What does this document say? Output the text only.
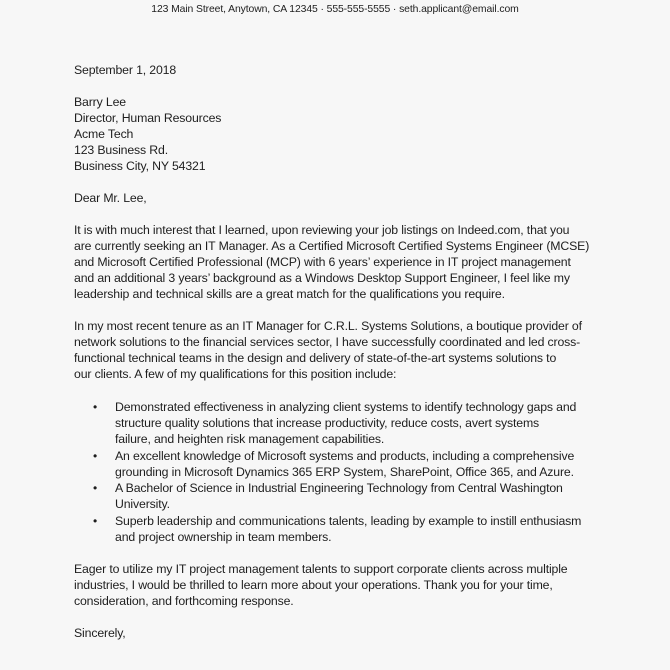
123 Main Street, Anytown, CA 12345 · 555-555-5555 · seth.applicant@email.com
September 1, 2018
Barry Lee
Director, Human Resources
Acme Tech
123 Business Rd.
Business City, NY 54321
Dear Mr. Lee,
It is with much interest that I learned, upon reviewing your job listings on Indeed.com, that you
are currently seeking an IT Manager. As a Certified Microsoft Certified Systems Engineer (MCSE)
and Microsoft Certified Professional (MCP) with 6 years’ experience in IT project management
and an additional 3 years’ background as a Windows Desktop Support Engineer, I feel like my
leadership and technical skills are a great match for the qualifications you require.
In my most recent tenure as an IT Manager for C.R.L. Systems Solutions, a boutique provider of
network solutions to the financial services sector, I have successfully coordinated and led cross-
functional technical teams in the design and delivery of state-of-the-art systems solutions to
our clients. A few of my qualifications for this position include:
Demonstrated effectiveness in analyzing client systems to identify technology gaps and
•
structure quality solutions that increase productivity, reduce costs, avert systems
failure, and heighten risk management capabilities.
An excellent knowledge of Microsoft systems and products, including a comprehensive
•
grounding in Microsoft Dynamics 365 ERP System, SharePoint, Office 365, and Azure.
A Bachelor of Science in Industrial Engineering Technology from Central Washington
•
University.
Superb leadership and communications talents, leading by example to instill enthusiasm
•
and project ownership in team members.
Eager to utilize my IT project management talents to support corporate clients across multiple
industries, I would be thrilled to learn more about your operations. Thank you for your time,
consideration, and forthcoming response.
Sincerely,
